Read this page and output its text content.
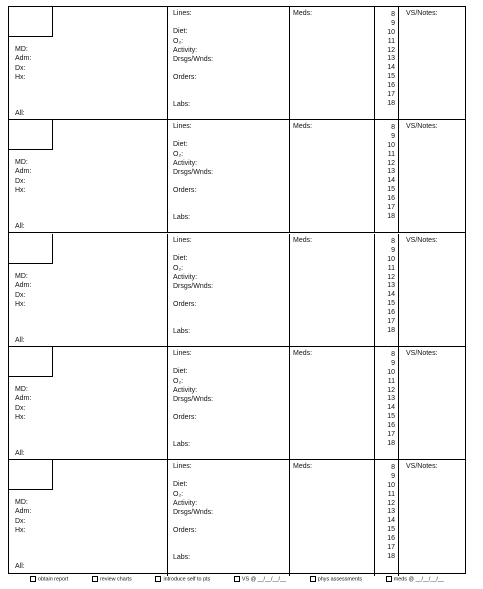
MD:
Adm:
Dx:
Hx:
All:
Lines:
Diet:
O₂:
Activity:
Drsgs/Wnds:
Orders:
Labs:
Meds:	8
9
10
11
12
13
14
15
16
17
18
VS/Notes:
MD:
Adm:
Dx:
Hx:
All:
Lines:
Diet:
O₂:
Activity:
Drsgs/Wnds:
Orders:
Labs:
Meds:	8
9
10
11
12
13
14
15
16
17
18
VS/Notes:
MD:
Adm:
Dx:
Hx:
All:
Lines:
Diet:
O₂:
Activity:
Drsgs/Wnds:
Orders:
Labs:
Meds:	8
9
10
11
12
13
14
15
16
17
18
VS/Notes:
MD:
Adm:
Dx:
Hx:
All:
Lines:
Diet:
O₂:
Activity:
Drsgs/Wnds:
Orders:
Labs:
Meds:	8
9
10
11
12
13
14
15
16
17
18
VS/Notes:
MD:
Adm:
Dx:
Hx:
All:
Lines:
Diet:
O₂:
Activity:
Drsgs/Wnds:
Orders:
Labs:
Meds:	8
9
10
11
12
13
14
15
16
17
18
VS/Notes:
obtain report	review charts	introduce self to pts	VS @ __/__/__/__	phys assessments	meds @ __/__/__/__
